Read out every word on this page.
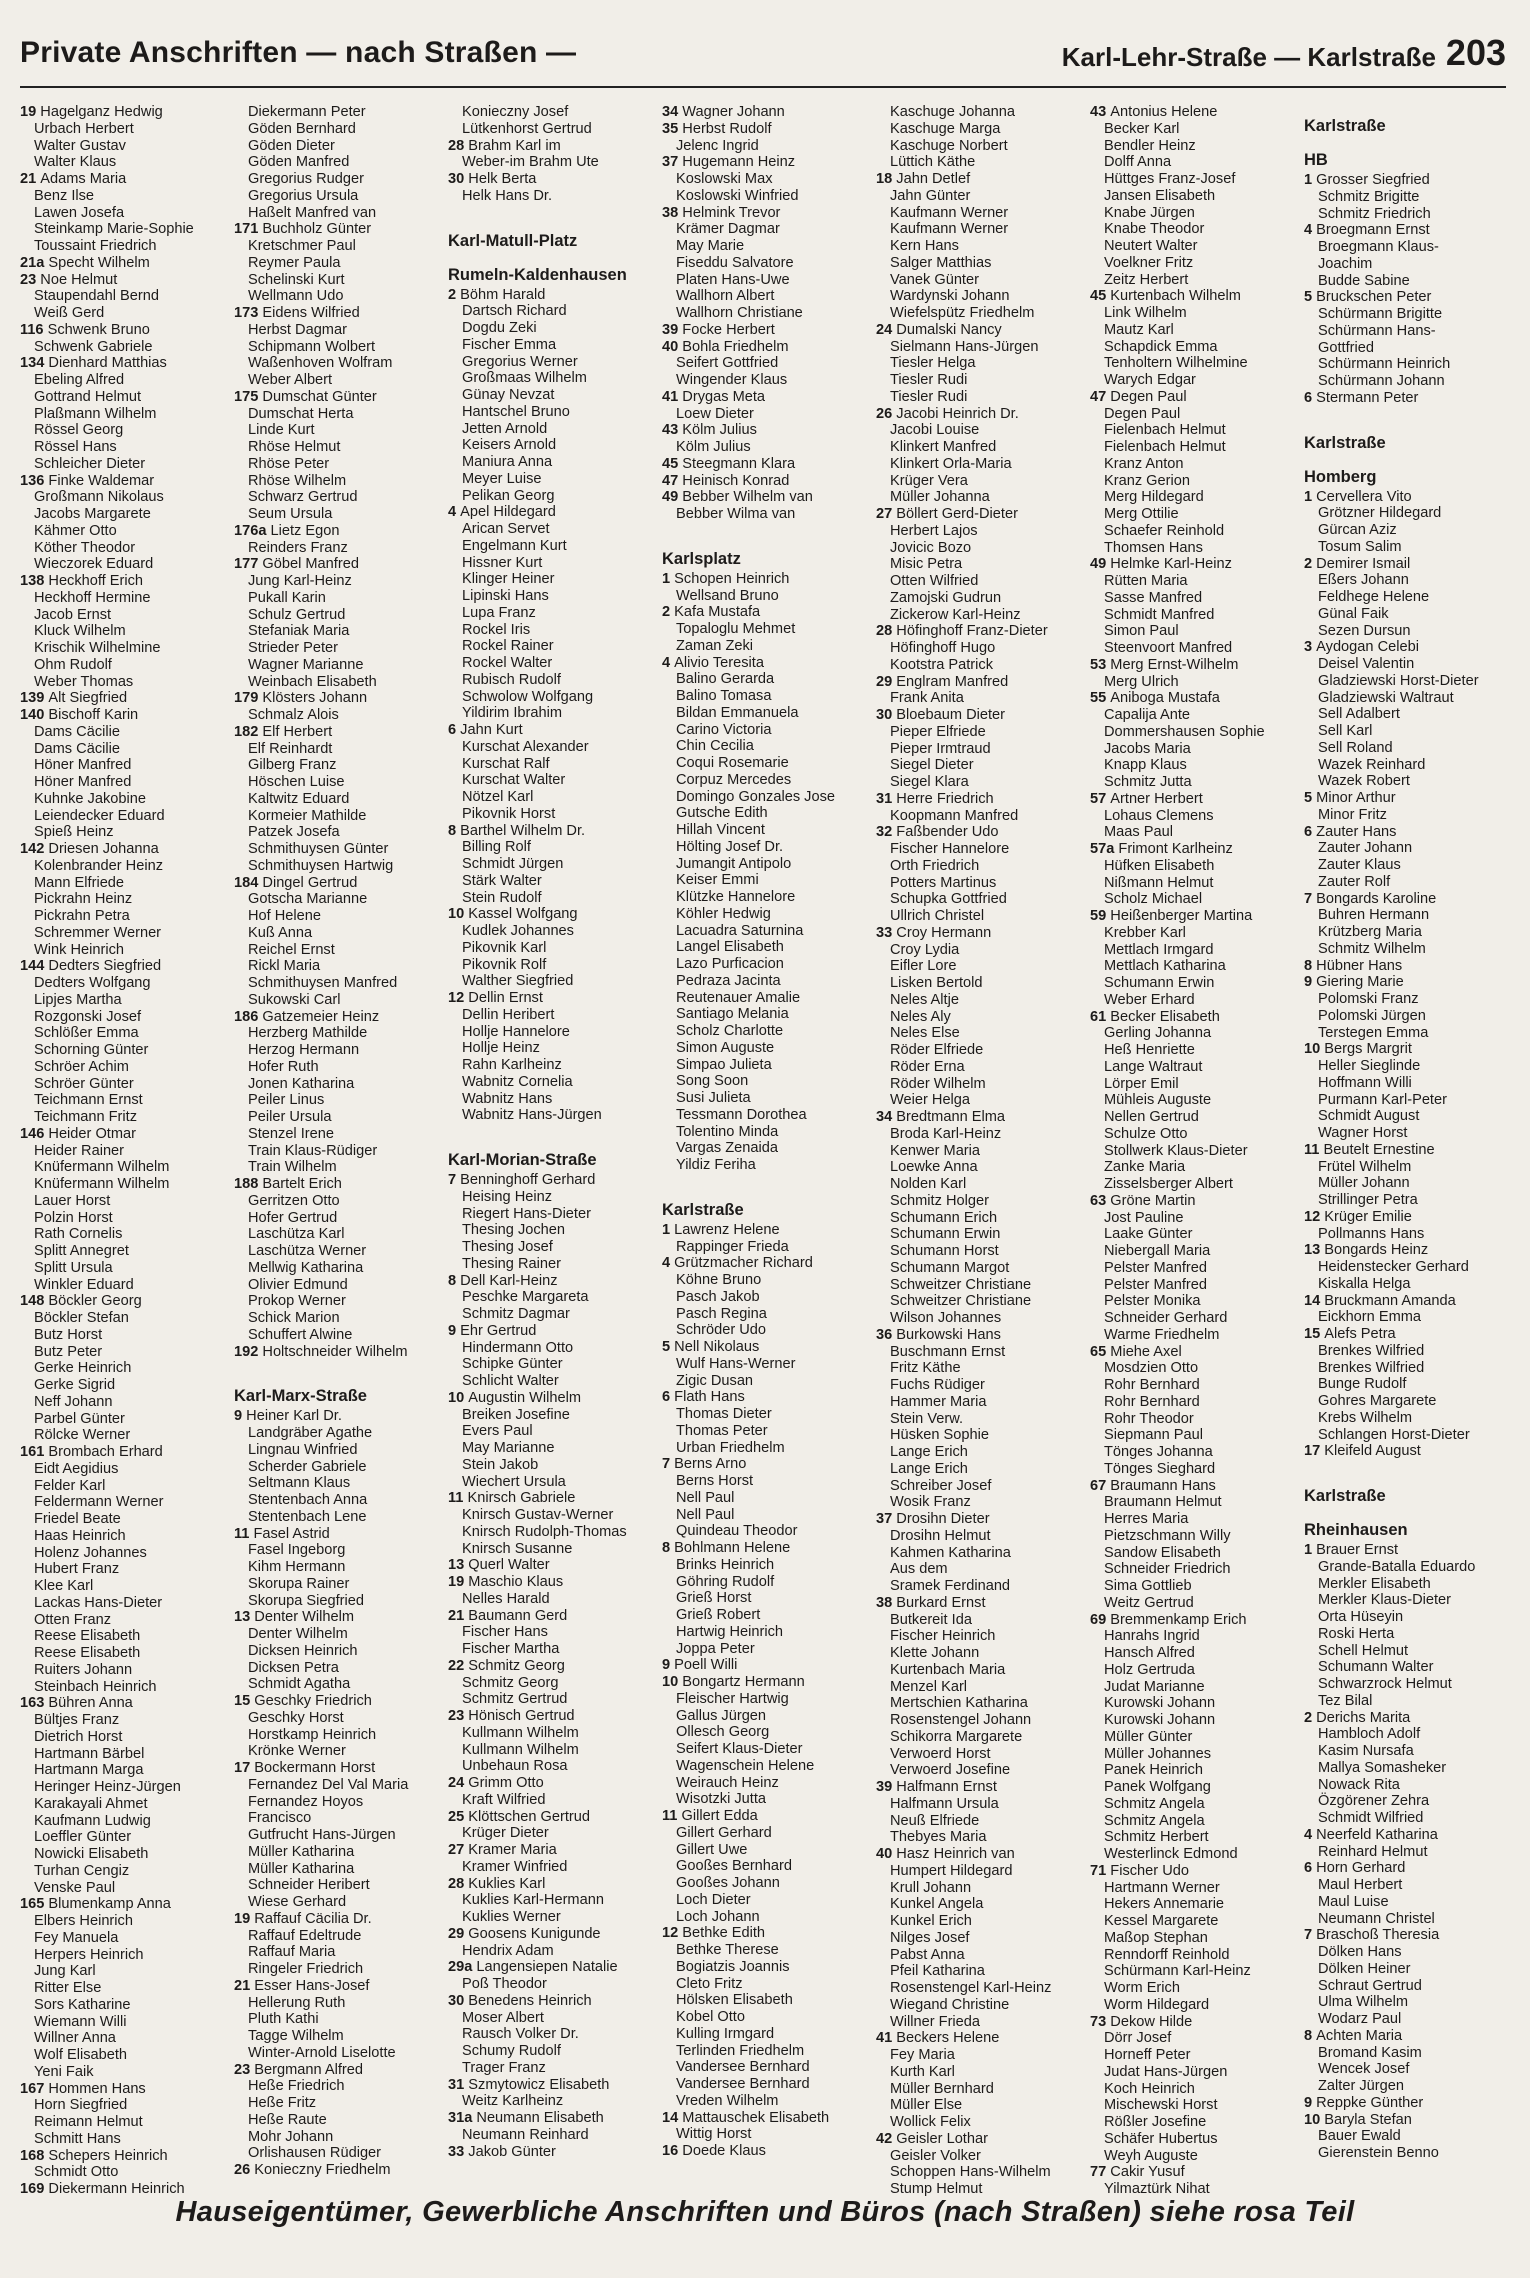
Private Anschriften — nach Straßen —	Karl-Lehr-Straße — Karlstraße 203
19 Hagelganz Hedwig
Urbach Herbert
Walter Gustav
Walter Klaus
21 Adams Maria
Benz Ilse
Lawen Josefa
Steinkamp Marie-Sophie
Toussaint Friedrich
21a Specht Wilhelm
23 Noe Helmut
Staupendahl Bernd
Weiß Gerd
116 Schwenk Bruno
Schwenk Gabriele
134 Dienhard Matthias
Ebeling Alfred
Gottrand Helmut
Plaßmann Wilhelm
Rössel Georg
Rössel Hans
Schleicher Dieter
136 Finke Waldemar
Großmann Nikolaus
Jacobs Margarete
Kähmer Otto
Köther Theodor
Wieczorek Eduard
138 Heckhoff Erich
Heckhoff Hermine
Jacob Ernst
Kluck Wilhelm
Krischik Wilhelmine
Ohm Rudolf
Weber Thomas
139 Alt Siegfried
140 Bischoff Karin
Dams Cäcilie
Dams Cäcilie
Höner Manfred
Höner Manfred
Kuhnke Jakobine
Leiendecker Eduard
Spieß Heinz
142 Driesen Johanna
Kolenbrander Heinz
Mann Elfriede
Pickrahn Heinz
Pickrahn Petra
Schremmer Werner
Wink Heinrich
144 Dedters Siegfried
Dedters Wolfgang
Lipjes Martha
Rozgonski Josef
Schlößer Emma
Schorning Günter
Schröer Achim
Schröer Günter
Teichmann Ernst
Teichmann Fritz
146 Heider Otmar
Heider Rainer
Knüfermann Wilhelm
Knüfermann Wilhelm
Lauer Horst
Polzin Horst
Rath Cornelis
Splitt Annegret
Splitt Ursula
Winkler Eduard
148 Böckler Georg
Böckler Stefan
Butz Horst
Butz Peter
Gerke Heinrich
Gerke Sigrid
Neff Johann
Parbel Günter
Rölcke Werner
161 Brombach Erhard
Eidt Aegidius
Felder Karl
Feldermann Werner
Friedel Beate
Haas Heinrich
Holenz Johannes
Hubert Franz
Klee Karl
Lackas Hans-Dieter
Otten Franz
Reese Elisabeth
Reese Elisabeth
Ruiters Johann
Steinbach Heinrich
163 Bühren Anna
Bültjes Franz
Dietrich Horst
Hartmann Bärbel
Hartmann Marga
Heringer Heinz-Jürgen
Karakayali Ahmet
Kaufmann Ludwig
Loeffler Günter
Nowicki Elisabeth
Turhan Cengiz
Venske Paul
165 Blumenkamp Anna
Elbers Heinrich
Fey Manuela
Herpers Heinrich
Jung Karl
Ritter Else
Sors Katharine
Wiemann Willi
Willner Anna
Wolf Elisabeth
Yeni Faik
167 Hommen Hans
Horn Siegfried
Reimann Helmut
Schmitt Hans
168 Schepers Heinrich
Schmidt Otto
169 Diekermann Heinrich
Diekermann Peter
Göden Bernhard
Göden Dieter
Göden Manfred
Gregorius Rudger
Gregorius Ursula
Haßelt Manfred van
171 Buchholz Günter
Kretschmer Paul
Reymer Paula
Schelinski Kurt
Wellmann Udo
173 Eidens Wilfried
Herbst Dagmar
Schipmann Wolbert
Waßenhoven Wolfram
Weber Albert
175 Dumschat Günter
Dumschat Herta
Linde Kurt
Rhöse Helmut
Rhöse Peter
Rhöse Wilhelm
Schwarz Gertrud
Seum Ursula
176a Lietz Egon
Reinders Franz
177 Göbel Manfred
Jung Karl-Heinz
Pukall Karin
Schulz Gertrud
Stefaniak Maria
Strieder Peter
Wagner Marianne
Weinbach Elisabeth
179 Klösters Johann
Schmalz Alois
182 Elf Herbert
Elf Reinhardt
Gilberg Franz
Höschen Luise
Kaltwitz Eduard
Kormeier Mathilde
Patzek Josefa
Schmithuysen Günter
Schmithuysen Hartwig
184 Dingel Gertrud
Gotscha Marianne
Hof Helene
Kuß Anna
Reichel Ernst
Rickl Maria
Schmithuysen Manfred
Sukowski Carl
186 Gatzemeier Heinz
Herzberg Mathilde
Herzog Hermann
Hofer Ruth
Jonen Katharina
Peiler Linus
Peiler Ursula
Stenzel Irene
Train Klaus-Rüdiger
Train Wilhelm
188 Bartelt Erich
Gerritzen Otto
Hofer Gertrud
Laschütza Karl
Laschütza Werner
Mellwig Katharina
Olivier Edmund
Prokop Werner
Schick Marion
Schuffert Alwine
192 Holtschneider Wilhelm
Karl-Marx-Straße
9 Heiner Karl Dr.
Landgräber Agathe
Lingnau Winfried
Scherder Gabriele
Seltmann Klaus
Stentenbach Anna
Stentenbach Lene
11 Fasel Astrid
Fasel Ingeborg
Kihm Hermann
Skorupa Rainer
Skorupa Siegfried
13 Denter Wilhelm
Denter Wilhelm
Dicksen Heinrich
Dicksen Petra
Schmidt Agatha
15 Geschky Friedrich
Geschky Horst
Horstkamp Heinrich
Krönke Werner
17 Bockermann Horst
Fernandez Del Val Maria
Fernandez Hoyos
Francisco
Gutfrucht Hans-Jürgen
Müller Katharina
Müller Katharina
Schneider Heribert
Wiese Gerhard
19 Raffauf Cäcilia Dr.
Raffauf Edeltrude
Raffauf Maria
Ringeler Friedrich
21 Esser Hans-Josef
Hellerung Ruth
Pluth Kathi
Tagge Wilhelm
Winter-Arnold Liselotte
23 Bergmann Alfred
Heße Friedrich
Heße Fritz
Heße Raute
Mohr Johann
Orlishausen Rüdiger
26 Konieczny Friedhelm
Konieczny Josef
Lütkenhorst Gertrud
28 Brahm Karl im
Weber-im Brahm Ute
30 Helk Berta
Helk Hans Dr.
Karl-Matull-Platz
Rumeln-Kaldenhausen
2 Böhm Harald
Dartsch Richard
Dogdu Zeki
Fischer Emma
Gregorius Werner
Großmaas Wilhelm
Günay Nevzat
Hantschel Bruno
Jetten Arnold
Keisers Arnold
Maniura Anna
Meyer Luise
Pelikan Georg
4 Apel Hildegard
Arican Servet
Engelmann Kurt
Hissner Kurt
Klinger Heiner
Lipinski Hans
Lupa Franz
Rockel Iris
Rockel Rainer
Rockel Walter
Rubisch Rudolf
Schwolow Wolfgang
Yildirim Ibrahim
6 Jahn Kurt
Kurschat Alexander
Kurschat Ralf
Kurschat Walter
Nötzel Karl
Pikovnik Horst
8 Barthel Wilhelm Dr.
Billing Rolf
Schmidt Jürgen
Stärk Walter
Stein Rudolf
10 Kassel Wolfgang
Kudlek Johannes
Pikovnik Karl
Pikovnik Rolf
Walther Siegfried
12 Dellin Ernst
Dellin Heribert
Hollje Hannelore
Hollje Heinz
Rahn Karlheinz
Wabnitz Cornelia
Wabnitz Hans
Wabnitz Hans-Jürgen
Karl-Morian-Straße
7 Benninghoff Gerhard
Heising Heinz
Riegert Hans-Dieter
Thesing Jochen
Thesing Josef
Thesing Rainer
8 Dell Karl-Heinz
Peschke Margareta
Schmitz Dagmar
9 Ehr Gertrud
Hindermann Otto
Schipke Günter
Schlicht Walter
10 Augustin Wilhelm
Breiken Josefine
Evers Paul
May Marianne
Stein Jakob
Wiechert Ursula
11 Knirsch Gabriele
Knirsch Gustav-Werner
Knirsch Rudolph-Thomas
Knirsch Susanne
13 Querl Walter
19 Maschio Klaus
Nelles Harald
21 Baumann Gerd
Fischer Hans
Fischer Martha
22 Schmitz Georg
Schmitz Georg
Schmitz Gertrud
23 Hönisch Gertrud
Kullmann Wilhelm
Kullmann Wilhelm
Unbehaun Rosa
24 Grimm Otto
Kraft Wilfried
25 Klöttschen Gertrud
Krüger Dieter
27 Kramer Maria
Kramer Winfried
28 Kuklies Karl
Kuklies Karl-Hermann
Kuklies Werner
29 Goosens Kunigunde
Hendrix Adam
29a Langensiepen Natalie
Poß Theodor
30 Benedens Heinrich
Moser Albert
Rausch Volker Dr.
Schumy Rudolf
Trager Franz
31 Szmytowicz Elisabeth
Weitz Karlheinz
31a Neumann Elisabeth
Neumann Reinhard
33 Jakob Günter
34 Wagner Johann
35 Herbst Rudolf
Jelenc Ingrid
37 Hugemann Heinz
Koslowski Max
Koslowski Winfried
38 Helmink Trevor
Krämer Dagmar
May Marie
Fiseddu Salvatore
Platen Hans-Uwe
Wallhorn Albert
Wallhorn Christiane
39 Focke Herbert
40 Bohla Friedhelm
Seifert Gottfried
Wingender Klaus
41 Drygas Meta
Loew Dieter
43 Kölm Julius
Kölm Julius
45 Steegmann Klara
47 Heinisch Konrad
49 Bebber Wilhelm van
Bebber Wilma van
Karlsplatz
1 Schopen Heinrich
Wellsand Bruno
2 Kafa Mustafa
Topaloglu Mehmet
Zaman Zeki
4 Alivio Teresita
Balino Gerarda
Balino Tomasa
Bildan Emmanuela
Carino Victoria
Chin Cecilia
Coqui Rosemarie
Corpuz Mercedes
Domingo Gonzales Jose
Gutsche Edith
Hillah Vincent
Hölting Josef Dr.
Jumangit Antipolo
Keiser Emmi
Klützke Hannelore
Köhler Hedwig
Lacuadra Saturnina
Langel Elisabeth
Lazo Purficacion
Pedraza Jacinta
Reutenauer Amalie
Santiago Melania
Scholz Charlotte
Simon Auguste
Simpao Julieta
Song Soon
Susi Julieta
Tessmann Dorothea
Tolentino Minda
Vargas Zenaida
Yildiz Feriha
Karlstraße
1 Lawrenz Helene
Rappinger Frieda
4 Grützmacher Richard
Köhne Bruno
Pasch Jakob
Pasch Regina
Schröder Udo
5 Nell Nikolaus
Wulf Hans-Werner
Zigic Dusan
6 Flath Hans
Thomas Dieter
Thomas Peter
Urban Friedhelm
7 Berns Arno
Berns Horst
Nell Paul
Nell Paul
Quindeau Theodor
8 Bohlmann Helene
Brinks Heinrich
Göhring Rudolf
Grieß Horst
Grieß Robert
Hartwig Heinrich
Joppa Peter
9 Poell Willi
10 Bongartz Hermann
Fleischer Hartwig
Gallus Jürgen
Ollesch Georg
Seifert Klaus-Dieter
Wagenschein Helene
Weirauch Heinz
Wisotzki Jutta
11 Gillert Edda
Gillert Gerhard
Gillert Uwe
Gooßes Bernhard
Gooßes Johann
Loch Dieter
Loch Johann
12 Bethke Edith
Bethke Therese
Bogiatzis Joannis
Cleto Fritz
Hölsken Elisabeth
Kobel Otto
Kulling Irmgard
Terlinden Friedhelm
Vandersee Bernhard
Vandersee Bernhard
Vreden Wilhelm
14 Mattauschek Elisabeth
Wittig Horst
16 Doede Klaus
Kaschuge Johanna
Kaschuge Marga
Kaschuge Norbert
Lüttich Käthe
18 Jahn Detlef
Jahn Günter
Kaufmann Werner
Kaufmann Werner
Kern Hans
Salger Matthias
Vanek Günter
Wardynski Johann
Wiefelspütz Friedhelm
24 Dumalski Nancy
Sielmann Hans-Jürgen
Tiesler Helga
Tiesler Rudi
Tiesler Rudi
26 Jacobi Heinrich Dr.
Jacobi Louise
Klinkert Manfred
Klinkert Orla-Maria
Krüger Vera
Müller Johanna
27 Böllert Gerd-Dieter
Herbert Lajos
Jovicic Bozo
Misic Petra
Otten Wilfried
Zamojski Gudrun
Zickerow Karl-Heinz
28 Höfinghoff Franz-Dieter
Höfinghoff Hugo
Kootstra Patrick
29 Englram Manfred
Frank Anita
30 Bloebaum Dieter
Pieper Elfriede
Pieper Irmtraud
Siegel Dieter
Siegel Klara
31 Herre Friedrich
Koopmann Manfred
32 Faßbender Udo
Fischer Hannelore
Orth Friedrich
Potters Martinus
Schupka Gottfried
Ullrich Christel
33 Croy Hermann
Croy Lydia
Eifler Lore
Lisken Bertold
Neles Altje
Neles Aly
Neles Else
Röder Elfriede
Röder Erna
Röder Wilhelm
Weier Helga
34 Bredtmann Elma
Broda Karl-Heinz
Kenwer Maria
Loewke Anna
Nolden Karl
Schmitz Holger
Schumann Erich
Schumann Erwin
Schumann Horst
Schumann Margot
Schweitzer Christiane
Schweitzer Christiane
Wilson Johannes
36 Burkowski Hans
Buschmann Ernst
Fritz Käthe
Fuchs Rüdiger
Hammer Maria
Stein Verw.
Hüsken Sophie
Lange Erich
Lange Erich
Schreiber Josef
Wosik Franz
37 Drosihn Dieter
Drosihn Helmut
Kahmen Katharina
Aus dem
Sramek Ferdinand
38 Burkard Ernst
Butkereit Ida
Fischer Heinrich
Klette Johann
Kurtenbach Maria
Menzel Karl
Mertschien Katharina
Rosenstengel Johann
Schikorra Margarete
Verwoerd Horst
Verwoerd Josefine
39 Halfmann Ernst
Halfmann Ursula
Neuß Elfriede
Thebyes Maria
40 Hasz Heinrich van
Humpert Hildegard
Krull Johann
Kunkel Angela
Kunkel Erich
Nilges Josef
Pabst Anna
Pfeil Katharina
Rosenstengel Karl-Heinz
Wiegand Christine
Willner Frieda
41 Beckers Helene
Fey Maria
Kurth Karl
Müller Bernhard
Müller Else
Wollick Felix
42 Geisler Lothar
Geisler Volker
Schoppen Hans-Wilhelm
Stump Helmut
43 Antonius Helene
Becker Karl
Bendler Heinz
Dolff Anna
Hüttges Franz-Josef
Jansen Elisabeth
Knabe Jürgen
Knabe Theodor
Neutert Walter
Voelkner Fritz
Zeitz Herbert
45 Kurtenbach Wilhelm
Link Wilhelm
Mautz Karl
Schapdick Emma
Tenholtern Wilhelmine
Warych Edgar
47 Degen Paul
Degen Paul
Fielenbach Helmut
Fielenbach Helmut
Kranz Anton
Kranz Gerion
Merg Hildegard
Merg Ottilie
Schaefer Reinhold
Thomsen Hans
49 Helmke Karl-Heinz
Rütten Maria
Sasse Manfred
Schmidt Manfred
Simon Paul
Steenvoort Manfred
53 Merg Ernst-Wilhelm
Merg Ulrich
55 Aniboga Mustafa
Capalija Ante
Dommershausen Sophie
Jacobs Maria
Knapp Klaus
Schmitz Jutta
57 Artner Herbert
Lohaus Clemens
Maas Paul
57a Frimont Karlheinz
Hüfken Elisabeth
Nißmann Helmut
Scholz Michael
59 Heißenberger Martina
Krebber Karl
Mettlach Irmgard
Mettlach Katharina
Schumann Erwin
Weber Erhard
61 Becker Elisabeth
Gerling Johanna
Heß Henriette
Lange Waltraut
Lörper Emil
Mühleis Auguste
Nellen Gertrud
Schulze Otto
Stollwerk Klaus-Dieter
Zanke Maria
Zisselsberger Albert
63 Gröne Martin
Jost Pauline
Laake Günter
Niebergall Maria
Pelster Manfred
Pelster Manfred
Pelster Monika
Schneider Gerhard
Warme Friedhelm
65 Miehe Axel
Mosdzien Otto
Rohr Bernhard
Rohr Bernhard
Rohr Theodor
Siepmann Paul
Tönges Johanna
Tönges Sieghard
67 Braumann Hans
Braumann Helmut
Herres Maria
Pietzschmann Willy
Sandow Elisabeth
Schneider Friedrich
Sima Gottlieb
Weitz Gertrud
69 Bremmenkamp Erich
Hanrahs Ingrid
Hansch Alfred
Holz Gertruda
Judat Marianne
Kurowski Johann
Kurowski Johann
Müller Günter
Müller Johannes
Panek Heinrich
Panek Wolfgang
Schmitz Angela
Schmitz Angela
Schmitz Herbert
Westerlinck Edmond
71 Fischer Udo
Hartmann Werner
Hekers Annemarie
Kessel Margarete
Maßop Stephan
Renndorff Reinhold
Schürmann Karl-Heinz
Worm Erich
Worm Hildegard
73 Dekow Hilde
Dörr Josef
Horneff Peter
Judat Hans-Jürgen
Koch Heinrich
Mischewski Horst
Rößler Josefine
Schäfer Hubertus
Weyh Auguste
77 Cakir Yusuf
Yilmaztürk Nihat
Karlstraße
HB
1 Grosser Siegfried
Schmitz Brigitte
Schmitz Friedrich
4 Broegmann Ernst
Broegmann Klaus-
Joachim
Budde Sabine
5 Bruckschen Peter
Schürmann Brigitte
Schürmann Hans-
Gottfried
Schürmann Heinrich
Schürmann Johann
6 Stermann Peter
Karlstraße
Homberg
1 Cervellera Vito
Grötzner Hildegard
Gürcan Aziz
Tosum Salim
2 Demirer Ismail
Eßers Johann
Feldhege Helene
Günal Faik
Sezen Dursun
3 Aydogan Celebi
Deisel Valentin
Gladziewski Horst-Dieter
Gladziewski Waltraut
Sell Adalbert
Sell Karl
Sell Roland
Wazek Reinhard
Wazek Robert
5 Minor Arthur
Minor Fritz
6 Zauter Hans
Zauter Johann
Zauter Klaus
Zauter Rolf
7 Bongards Karoline
Buhren Hermann
Krützberg Maria
Schmitz Wilhelm
8 Hübner Hans
9 Giering Marie
Polomski Franz
Polomski Jürgen
Terstegen Emma
10 Bergs Margrit
Heller Sieglinde
Hoffmann Willi
Purmann Karl-Peter
Schmidt August
Wagner Horst
11 Beutelt Ernestine
Frütel Wilhelm
Müller Johann
Strillinger Petra
12 Krüger Emilie
Pollmanns Hans
13 Bongards Heinz
Heidenstecker Gerhard
Kiskalla Helga
14 Bruckmann Amanda
Eickhorn Emma
15 Alefs Petra
Brenkes Wilfried
Brenkes Wilfried
Bunge Rudolf
Gohres Margarete
Krebs Wilhelm
Schlangen Horst-Dieter
17 Kleifeld August
Karlstraße
Rheinhausen
1 Brauer Ernst
Grande-Batalla Eduardo
Merkler Elisabeth
Merkler Klaus-Dieter
Orta Hüseyin
Roski Herta
Schell Helmut
Schumann Walter
Schwarzrock Helmut
Tez Bilal
2 Derichs Marita
Hambloch Adolf
Kasim Nursafa
Mallya Somasheker
Nowack Rita
Özgörener Zehra
Schmidt Wilfried
4 Neerfeld Katharina
Reinhard Helmut
6 Horn Gerhard
Maul Herbert
Maul Luise
Neumann Christel
7 Braschoß Theresia
Dölken Hans
Dölken Heiner
Schraut Gertrud
Ulma Wilhelm
Wodarz Paul
8 Achten Maria
Bromand Kasim
Wencek Josef
Zalter Jürgen
9 Reppke Günther
10 Baryla Stefan
Bauer Ewald
Gierenstein Benno
Hauseigentümer, Gewerbliche Anschriften und Büros (nach Straßen) siehe rosa Teil
